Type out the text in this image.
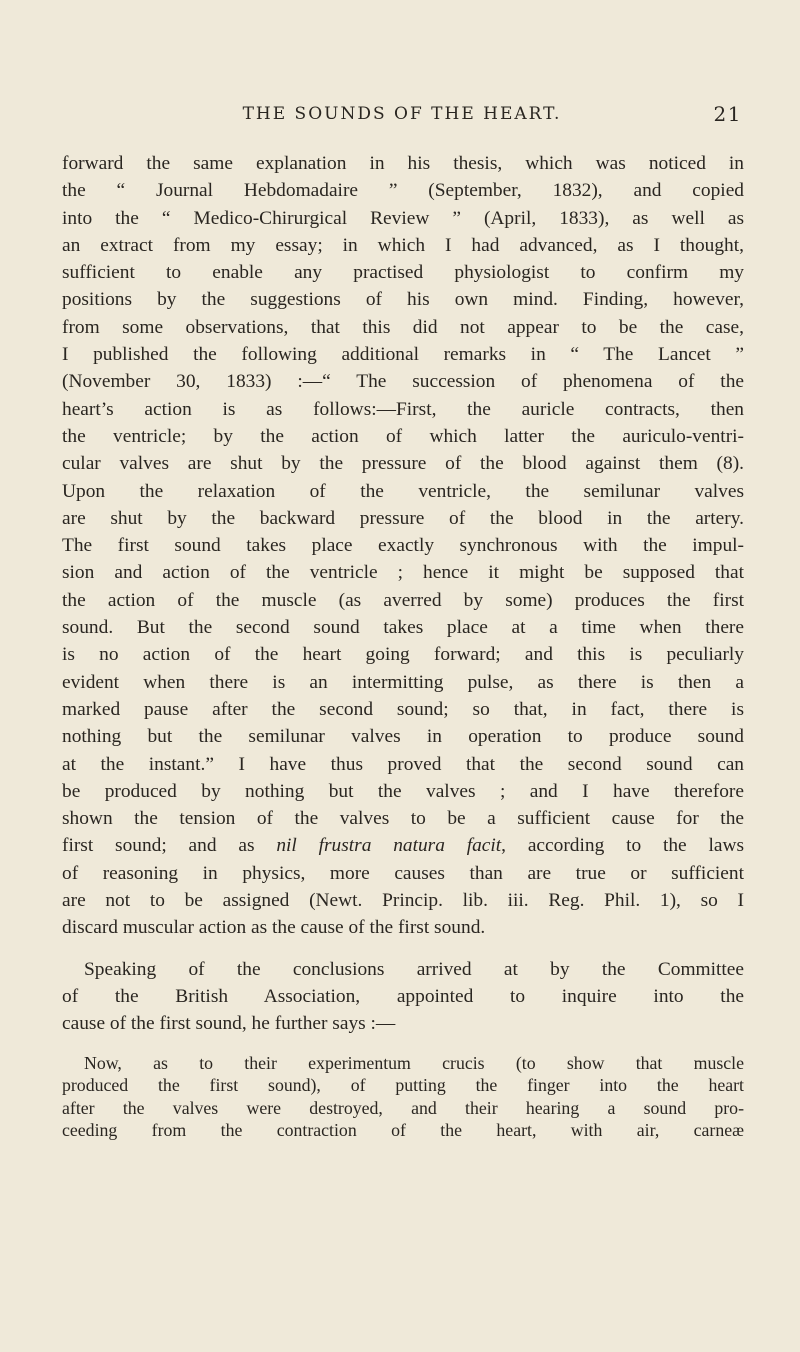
THE SOUNDS OF THE HEART.	21
forward the same explanation in his thesis, which was noticed in
the “ Journal Hebdomadaire ” (September, 1832), and copied
into the “ Medico-Chirurgical Review ” (April, 1833), as well as
an extract from my essay; in which I had advanced, as I thought,
sufficient to enable any practised physiologist to confirm my
positions by the suggestions of his own mind. Finding, however,
from some observations, that this did not appear to be the case,
I published the following additional remarks in “ The Lancet ”
(November 30, 1833) :—“ The succession of phenomena of the
heart’s action is as follows:—First, the auricle contracts, then
the ventricle; by the action of which latter the auriculo-ventri-
cular valves are shut by the pressure of the blood against them (8).
Upon the relaxation of the ventricle, the semilunar valves
are shut by the backward pressure of the blood in the artery.
The first sound takes place exactly synchronous with the impul-
sion and action of the ventricle ; hence it might be supposed that
the action of the muscle (as averred by some) produces the first
sound. But the second sound takes place at a time when there
is no action of the heart going forward; and this is peculiarly
evident when there is an intermitting pulse, as there is then a
marked pause after the second sound; so that, in fact, there is
nothing but the semilunar valves in operation to produce sound
at the instant.” I have thus proved that the second sound can
be produced by nothing but the valves ; and I have therefore
shown the tension of the valves to be a sufficient cause for the
first sound; and as nil frustra natura facit, according to the laws
of reasoning in physics, more causes than are true or sufficient
are not to be assigned (Newt. Princip. lib. iii. Reg. Phil. 1), so I
discard muscular action as the cause of the first sound.
Speaking of the conclusions arrived at by the Committee
of the British Association, appointed to inquire into the
cause of the first sound, he further says :—
Now, as to their experimentum crucis (to show that muscle
produced the first sound), of putting the finger into the heart
after the valves were destroyed, and their hearing a sound pro-
ceeding from the contraction of the heart, with air, carneæ
